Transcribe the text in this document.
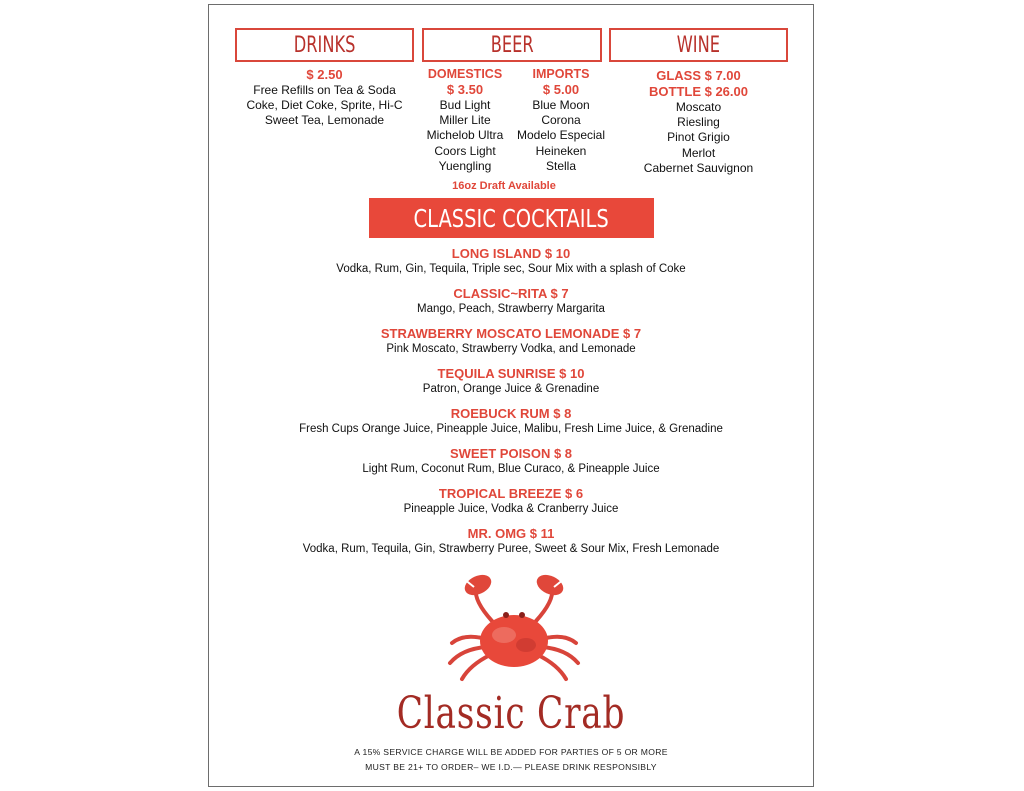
DRINKS
$ 2.50
Free Refills on Tea & Soda
Coke, Diet Coke, Sprite, Hi-C
Sweet Tea, Lemonade
BEER
DOMESTICS
$ 3.50
Bud Light
Miller Lite
Michelob Ultra
Coors Light
Yuengling
IMPORTS
$ 5.00
Blue Moon
Corona
Modelo Especial
Heineken
Stella
16oz Draft Available
WINE
GLASS $ 7.00
BOTTLE $ 26.00
Moscato
Riesling
Pinot Grigio
Merlot
Cabernet Sauvignon
CLASSIC COCKTAILS
LONG ISLAND $ 10
Vodka, Rum, Gin, Tequila, Triple sec, Sour Mix with a splash of Coke
CLASSIC~RITA $ 7
Mango, Peach, Strawberry Margarita
STRAWBERRY MOSCATO LEMONADE $ 7
Pink Moscato, Strawberry Vodka, and Lemonade
TEQUILA SUNRISE $ 10
Patron, Orange Juice & Grenadine
ROEBUCK RUM $ 8
Fresh Cups Orange Juice, Pineapple Juice, Malibu, Fresh Lime Juice, & Grenadine
SWEET POISON $ 8
Light Rum, Coconut Rum, Blue Curaco, & Pineapple Juice
TROPICAL BREEZE $ 6
Pineapple Juice, Vodka & Cranberry Juice
MR. OMG $ 11
Vodka, Rum, Tequila, Gin, Strawberry Puree, Sweet & Sour Mix, Fresh Lemonade
Classic Crab
A 15% SERVICE CHARGE WILL BE ADDED FOR PARTIES OF 5 OR MORE
MUST BE 21+ TO ORDER– WE I.D.— PLEASE DRINK RESPONSIBLY
